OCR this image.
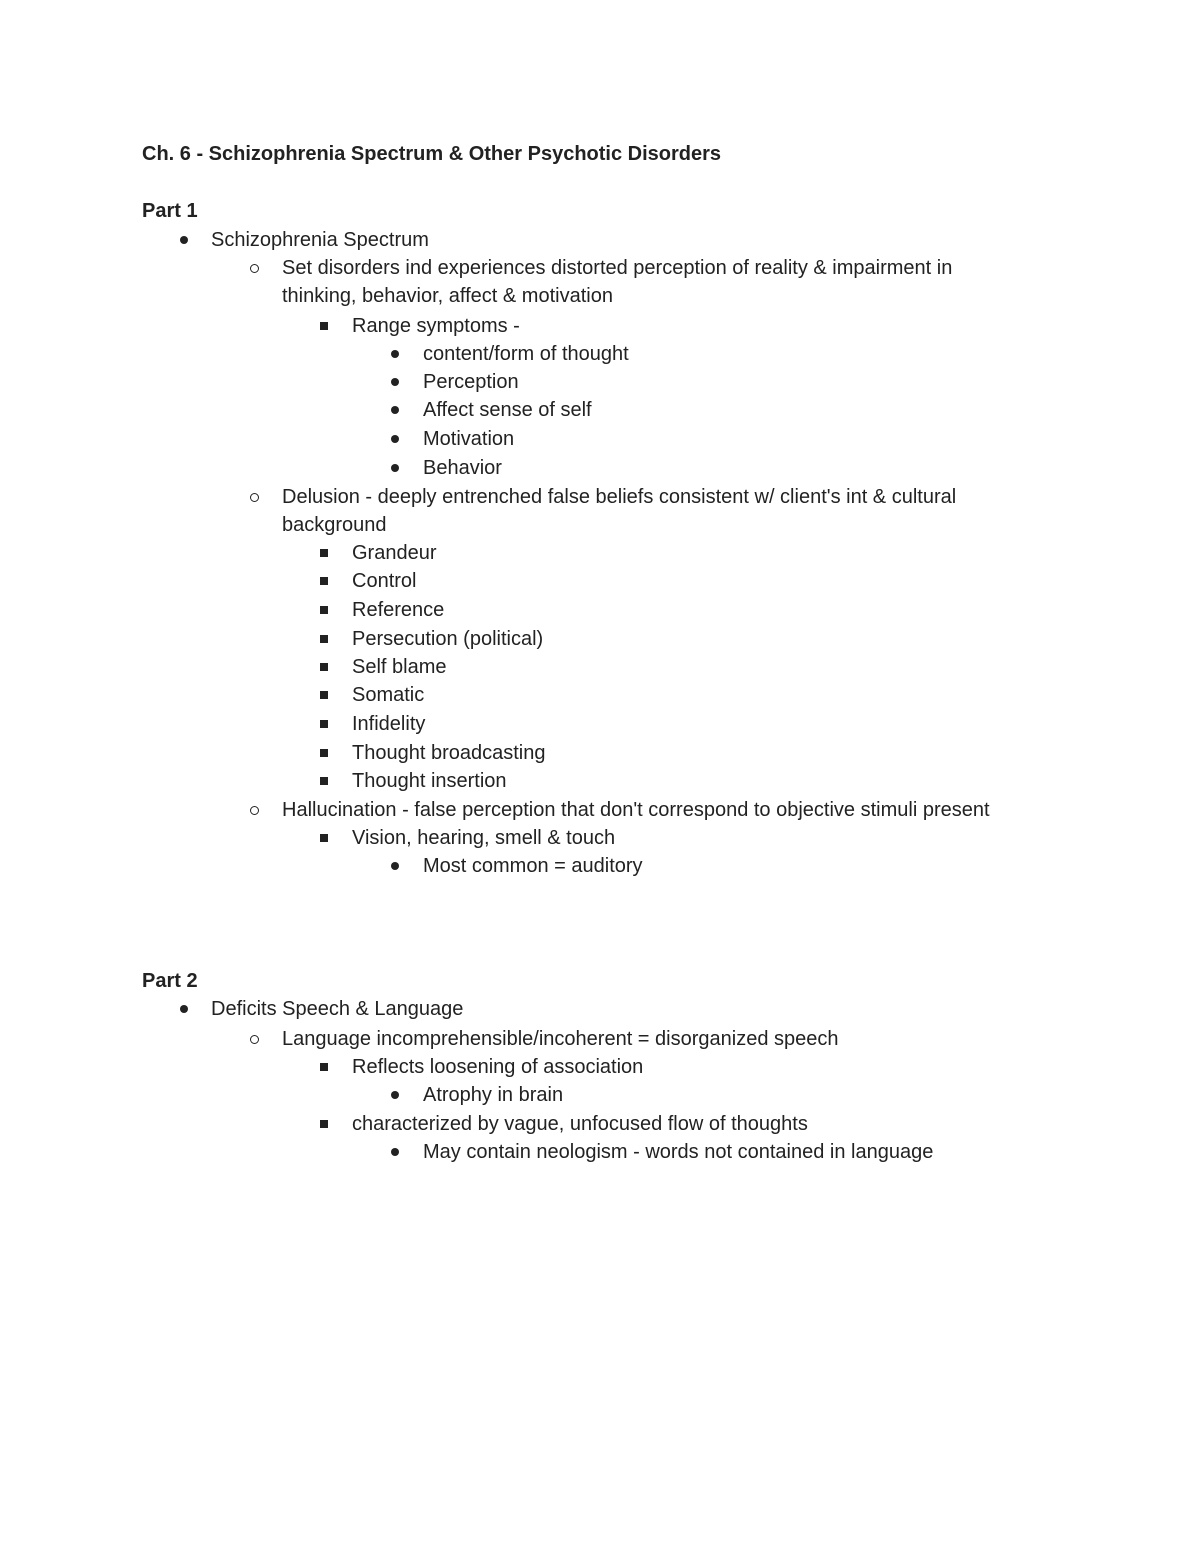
Ch. 6 - Schizophrenia Spectrum & Other Psychotic Disorders
Part 1
Schizophrenia Spectrum
Set disorders ind experiences distorted perception of reality & impairment in
thinking, behavior, affect & motivation
Range symptoms -
content/form of thought
Perception
Affect sense of self
Motivation
Behavior
Delusion - deeply entrenched false beliefs consistent w/ client's int & cultural
background
Grandeur
Control
Reference
Persecution (political)
Self blame
Somatic
Infidelity
Thought broadcasting
Thought insertion
Hallucination - false perception that don't correspond to objective stimuli present
Vision, hearing, smell & touch
Most common = auditory
Part 2
Deficits Speech & Language
Language incomprehensible/incoherent = disorganized speech
Reflects loosening of association
Atrophy in brain
characterized by vague, unfocused flow of thoughts
May contain neologism - words not contained in language
